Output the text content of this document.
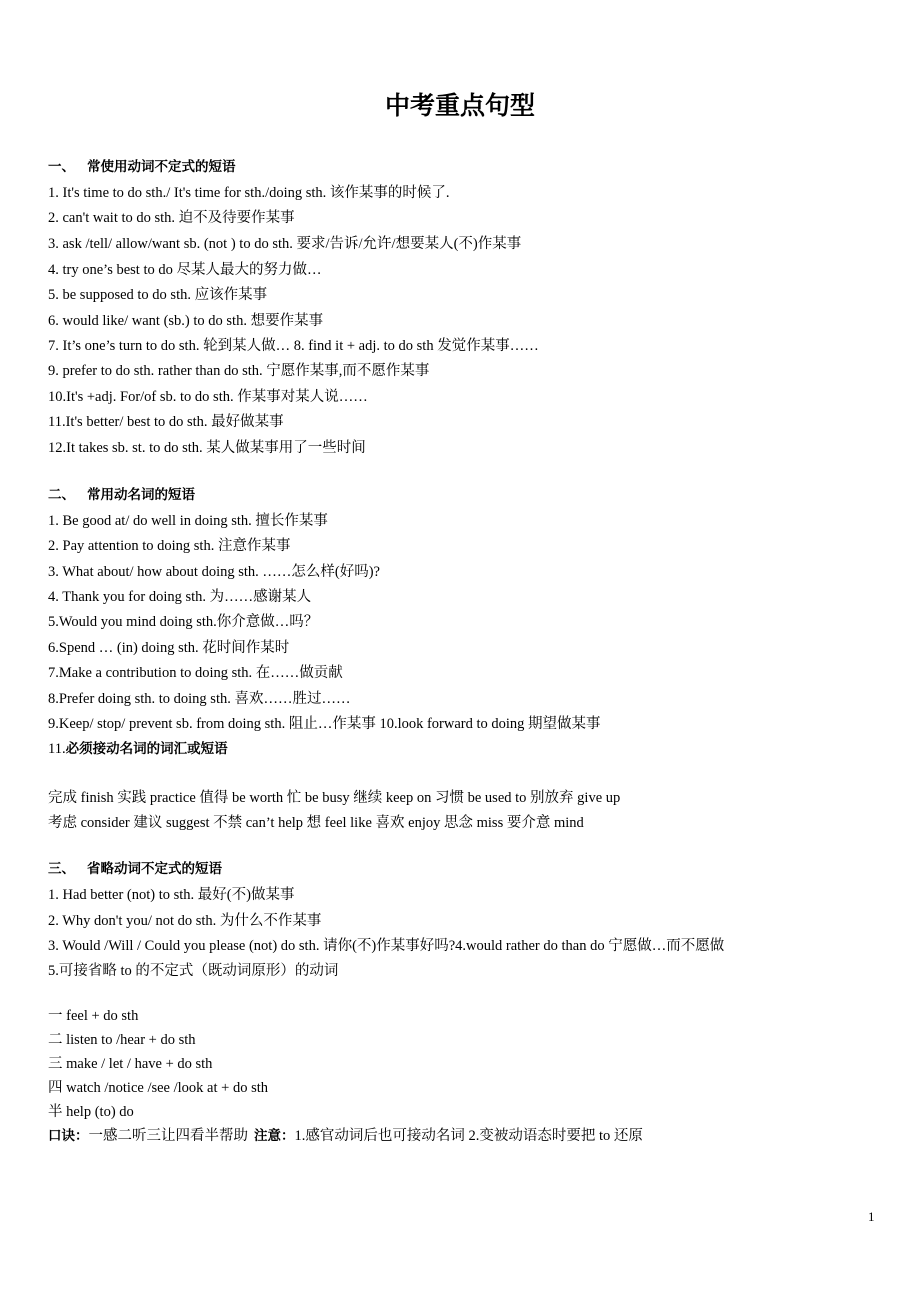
中考重点句型
一、 常使用动词不定式的短语
1. It's time to do sth./ It's time for sth./doing sth. 该作某事的时候了.
2. can't wait to do sth. 迫不及待要作某事
3. ask /tell/ allow/want sb. (not ) to do sth. 要求/告诉/允许/想要某人(不)作某事
4. try one’s best to do 尽某人最大的努力做…
5. be supposed to do sth. 应该作某事
6. would like/ want (sb.) to do sth. 想要作某事
7. It’s one’s turn to do sth. 轮到某人做… 8. find it + adj. to do sth 发觉作某事……
9. prefer to do sth. rather than do sth. 宁愿作某事,而不愿作某事
10.It's +adj. For/of sb. to do sth. 作某事对某人说……
11.It's better/ best to do sth. 最好做某事
12.It takes sb. st. to do sth. 某人做某事用了一些时间
二、 常用动名词的短语
1. Be good at/ do well in doing sth. 擅长作某事
2. Pay attention to doing sth. 注意作某事
3. What about/ how about doing sth. ……怎么样(好吗)?
4. Thank you for doing sth. 为……感谢某人
5.Would you mind doing sth.你介意做…吗？
6.Spend … (in) doing sth. 花时间作某时
7.Make a contribution to doing sth. 在……做贡献
8.Prefer doing sth. to doing sth. 喜欢……胜过……
9.Keep/ stop/ prevent sb. from doing sth. 阻止…作某事 10.look forward to doing 期望做某事
11.必须接动名词的词汇或短语
完成 finish 实践 practice 值得 be worth 忙 be busy 继续 keep on 习惯 be used to 别放弃 give up
考虑 consider 建议 suggest 不禁 can’t help 想 feel like 喜欢 enjoy 思念 miss 要介意 mind
三、 省略动词不定式的短语
1. Had better (not) to sth. 最好(不)做某事
2. Why don't you/ not do sth. 为什么不作某事
3. Would /Will / Could you please (not) do sth. 请你(不)作某事好吗?4.would rather do than do 宁愿做…而不愿做
5.可接省略 to 的不定式（既动词原形）的动词
一 feel + do sth
二 listen to /hear + do sth
三 make / let / have + do sth
四 watch /notice /see /look at + do sth
半 help (to) do
口诀：一感二听三让四看半帮助 注意：1.感官动词后也可接动名词 2.变被动语态时要把 to 还原
1
